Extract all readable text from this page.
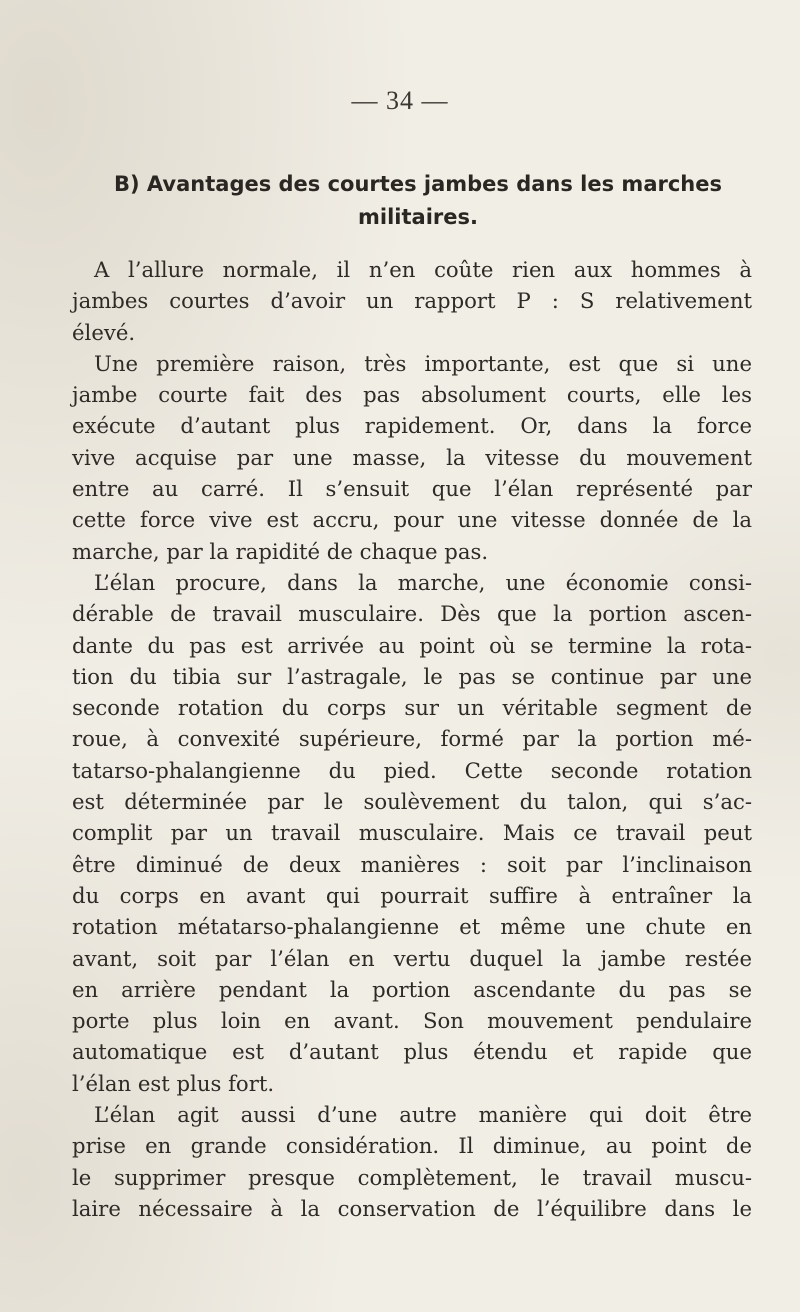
— 34 —
B) Avantages des courtes jambes dans les marches
militaires.
A l’allure normale, il n’en coûte rien aux hommes à
jambes courtes d’avoir un rapport P : S relativement
élevé.
Une première raison, très importante, est que si une
jambe courte fait des pas absolument courts, elle les
exécute d’autant plus rapidement. Or, dans la force
vive acquise par une masse, la vitesse du mouvement
entre au carré. Il s’ensuit que l’élan représenté par
cette force vive est accru, pour une vitesse donnée de la
marche, par la rapidité de chaque pas.
L’élan procure, dans la marche, une économie consi-
dérable de travail musculaire. Dès que la portion ascen-
dante du pas est arrivée au point où se termine la rota-
tion du tibia sur l’astragale, le pas se continue par une
seconde rotation du corps sur un véritable segment de
roue, à convexité supérieure, formé par la portion mé-
tatarso-phalangienne du pied. Cette seconde rotation
est déterminée par le soulèvement du talon, qui s’ac-
complit par un travail musculaire. Mais ce travail peut
être diminué de deux manières : soit par l’inclinaison
du corps en avant qui pourrait suffire à entraîner la
rotation métatarso-phalangienne et même une chute en
avant, soit par l’élan en vertu duquel la jambe restée
en arrière pendant la portion ascendante du pas se
porte plus loin en avant. Son mouvement pendulaire
automatique est d’autant plus étendu et rapide que
l’élan est plus fort.
L’élan agit aussi d’une autre manière qui doit être
prise en grande considération. Il diminue, au point de
le supprimer presque complètement, le travail muscu-
laire nécessaire à la conservation de l’équilibre dans le
